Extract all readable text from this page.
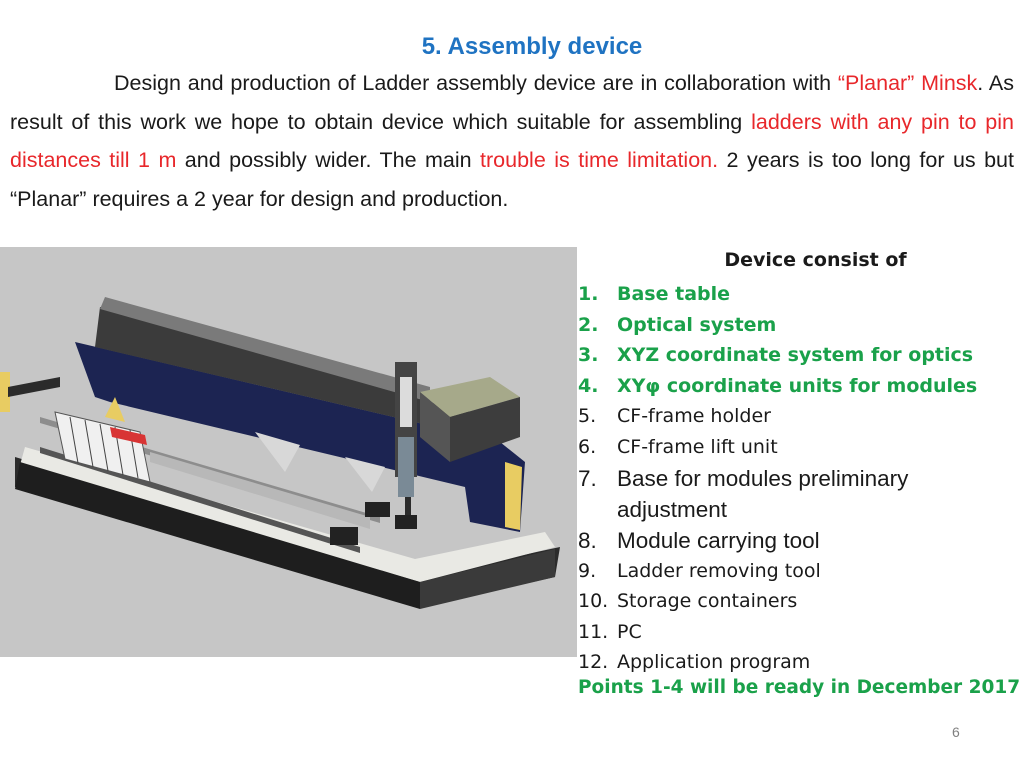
5. Assembly device
Design and production of Ladder assembly device are in collaboration with “Planar” Minsk. As result of this work we hope to obtain device which suitable for assembling ladders with any pin to pin distances till 1 m and possibly wider. The main trouble is time limitation. 2 years is too long for us but “Planar” requires a 2 year for design and production.
Device consist of
1. Base table
2. Optical system
3. XYZ coordinate system for optics
4. XYφ coordinate units for modules
5.	CF-frame holder
6.	CF-frame lift unit
7. Base for modules preliminary adjustment
8. Module carrying tool
9.	Ladder removing tool
10. Storage containers
11. PC
12. Application program
Points 1-4 will be ready in December 2017
6
